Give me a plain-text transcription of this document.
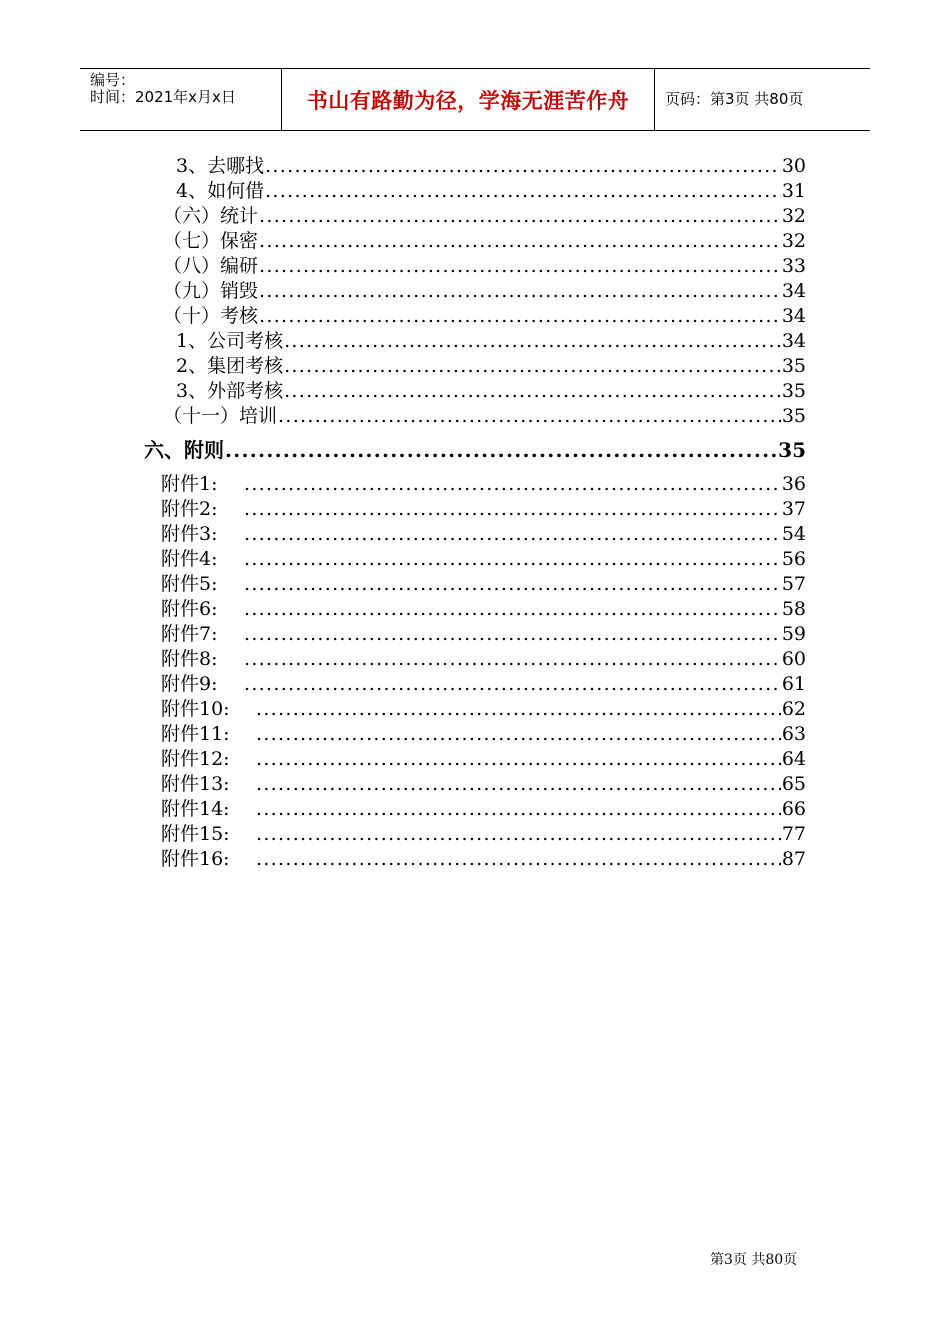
编号：
时间：2021年x月x日	书山有路勤为径，学海无涯苦作舟 页码：第3页 共80页
3、去哪找 .....	30
4、如何借 .....	31
（六）统计 .....	32
（七）保密 .....	32
（八）编研 .....	33
（九）销毁 .....	34
（十）考核 .....	34
1、公司考核 .....	34
2、集团考核 .....	35
3、外部考核 .....	35
（十一）培训 .....	35
六、附则 .....	35
附件1: .....	36
附件2: .....	37
附件3: .....	54
附件4: .....	56
附件5: .....	57
附件6: .....	58
附件7: .....	59
附件8: .....	60
附件9: .....	61
附件10: .....	62
附件11: .....	63
附件12: .....	64
附件13: .....	65
附件14: .....	66
附件15: .....	77
附件16: .....	87
第3页 共80页
